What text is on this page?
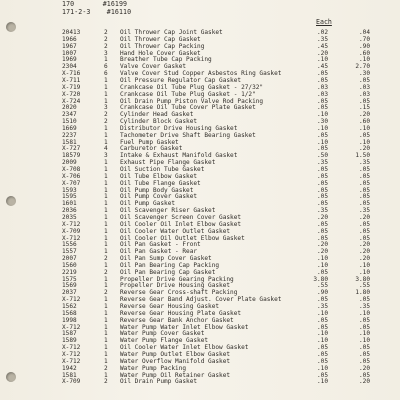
170       #16199
171-2-3    #16110
Each
20413	2	Oil Thrower Cap Joint Gasket	.02	.04
1966	2	Oil Thrower Cap Gasket	.35	.70
1967	2	Oil Thrower Cap Packing	.45	.90
1007	3	Hand Hole Cover Gasket	.20	.60
1969	1	Breather Tube Cap Packing	.10	.10
2304	6	Valve Cover Gasket	.45	2.70
X-716	6	Valve Cover Stud Copper Asbestos Ring Gasket	.05	.30
X-711	1	Oil Pressure Regulator Cap Gasket	.05	.05
X-719	1	Crankcase Oil Tube Plug Gasket - 27/32"	.03	.03
X-720	1	Crankcase Oil Tube Plug Gasket - 1/2"	.03	.03
X-724	1	Oil Drain Pump Piston Valve Rod Packing	.05	.05
2020	3	Crankcase Oil Tube Cover Plate Gasket	.05	.15
2347	2	Cylinder Head Gasket	.10	.20
1510	2	Cylinder Block Gasket	.30	.60
1669	1	Distributor Drive Housing Gasket	.10	.10
2237	1	Tachometer Drive Shaft Bearing Gasket	.05	.05
1581	1	Fuel Pump Gasket	.10	.10
X-727	4	Carburetor Gasket	.05	.20
18579	3	Intake & Exhaust Manifold Gasket	.50	1.50
2009	1	Exhaust Pipe Flange Gasket	.35	.35
X-708	1	Oil Suction Tube Gasket	.05	.05
X-706	1	Oil Tube Elbow Gasket	.05	.05
X-707	1	Oil Tube Flange Gasket	.05	.05
1593	1	Oil Pump Body Gasket	.05	.05
1595	1	Oil Pump Cover Gasket	.05	.05
1601	1	Oil Pump Gasket	.05	.05
2036	1	Oil Scavenger Riser Gasket	.35	.35
2035	1	Oil Scavenger Screen Cover Gasket	.20	.20
X-712	1	Oil Cooler Oil Inlet Elbow Gasket	.05	.05
X-709	1	Oil Cooler Water Outlet Gasket	.05	.05
X-712	1	Oil Cooler Oil Outlet Elbow Gasket	.05	.05
1556	1	Oil Pan Gasket - Front	.20	.20
1557	1	Oil Pan Gasket - Rear	.20	.20
2007	2	Oil Pan Sump Cover Gasket	.10	.20
1560	1	Oil Pan Bearing Cap Packing	.10	.10
2219	2	Oil Pan Bearing Cap Gasket	.05	.10
1575	1	Propeller Drive Gearing Packing	3.80	3.80
1569	1	Propeller Drive Housing Gasket	.55	.55
2037	2	Reverse Gear Cross-shaft Packing	.90	1.80
X-712	1	Reverse Gear Band Adjust. Cover Plate Gasket	.05	.05
1562	1	Reverse Gear Housing Gasket	.35	.35
1568	1	Reverse Gear Housing Plate Gasket	.10	.10
1998	1	Reverse Gear Bank Anchor Gasket	.05	.05
X-712	1	Water Pump Water Inlet Elbow Gasket	.05	.05
1587	1	Water Pump Cover Gasket	.10	.10
1589	1	Water Pump Flange Gasket	.10	.10
X-712	1	Oil Cooler Water Inlet Elbow Gasket	.05	.05
X-712	1	Water Pump Outlet Elbow Gasket	.05	.05
X-712	1	Water Overflow Manifold Gasket	.05	.05
1942	2	Water Pump Packing	.10	.20
1581	1	Water Pump Oil Retainer Gasket	.05	.05
X-709	2	Oil Drain Pump Gasket	.10	.20
